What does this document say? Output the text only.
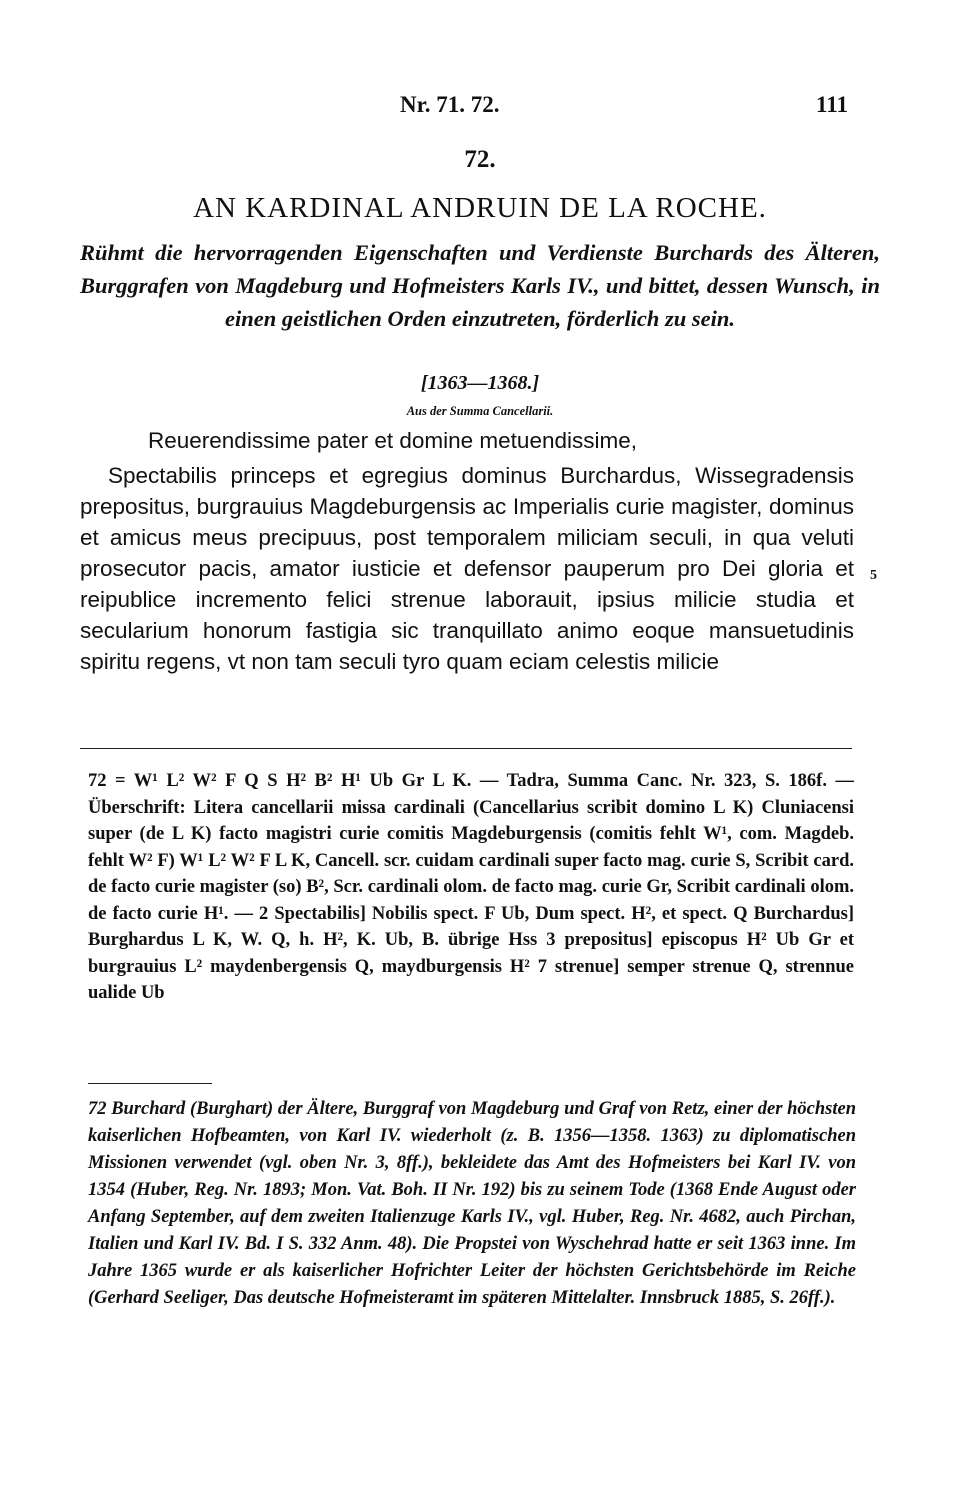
Nr. 71. 72.	111
72.
AN KARDINAL ANDRUIN DE LA ROCHE.
Rühmt die hervorragenden Eigenschaften und Verdienste Burchards des Älteren, Burggrafen von Magdeburg und Hofmeisters Karls IV., und bittet, dessen Wunsch, in einen geistlichen Orden einzutreten, förderlich zu sein.
[1363—1368.]
Aus der Summa Cancellarii.

Reuerendissime pater et domine metuendissime,

Spectabilis princeps et egregius dominus Burchardus, Wissegradensis prepositus, burgrauius Magdeburgensis ac Imperialis curie magister, dominus et amicus meus precipuus, post temporalem miliciam seculi, in qua veluti prosecutor pacis, amator iusticie et defensor pauperum pro Dei gloria et reipublice incremento felici strenue laborauit, ipsius milicie studia et secularium honorum fastigia sic tranquillato animo eoque mansuetudinis spiritu regens, vt non tam seculi tyro quam eciam celestis milicie

5
72 = W¹ L² W² F Q S H² B² H¹ Ub Gr L K. — Tadra, Summa Canc. Nr. 323, S. 186f. — Überschrift: Litera cancellarii missa cardinali (Cancellarius scribit domino L K) Cluniacensi super (de L K) facto magistri curie comitis Magdeburgensis (comitis fehlt W¹, com. Magdeb. fehlt W² F) W¹ L² W² F L K, Cancell. scr. cuidam cardinali super facto mag. curie S, Scribit card. de facto curie magister (so) B², Scr. cardinali olom. de facto mag. curie Gr, Scribit cardinali olom. de facto curie H¹. — 2 Spectabilis] Nobilis spect. F Ub, Dum spect. H², et spect. Q Burchardus] Burghardus L K, W. Q, h. H², K. Ub, B. übrige Hss 3 prepositus] episcopus H² Ub Gr et burgrauius L² maydenbergensis Q, maydburgensis H² 7 strenue] semper strenue Q, strennue ualide Ub
72 Burchard (Burghart) der Ältere, Burggraf von Magdeburg und Graf von Retz, einer der höchsten kaiserlichen Hofbeamten, von Karl IV. wiederholt (z. B. 1356—1358. 1363) zu diplomatischen Missionen verwendet (vgl. oben Nr. 3, 8ff.), bekleidete das Amt des Hofmeisters bei Karl IV. von 1354 (Huber, Reg. Nr. 1893; Mon. Vat. Boh. II Nr. 192) bis zu seinem Tode (1368 Ende August oder Anfang September, auf dem zweiten Italienzuge Karls IV., vgl. Huber, Reg. Nr. 4682, auch Pirchan, Italien und Karl IV. Bd. I S. 332 Anm. 48). Die Propstei von Wyschehrad hatte er seit 1363 inne. Im Jahre 1365 wurde er als kaiserlicher Hofrichter Leiter der höchsten Gerichtsbehörde im Reiche (Gerhard Seeliger, Das deutsche Hofmeisteramt im späteren Mittelalter. Innsbruck 1885, S. 26ff.).
